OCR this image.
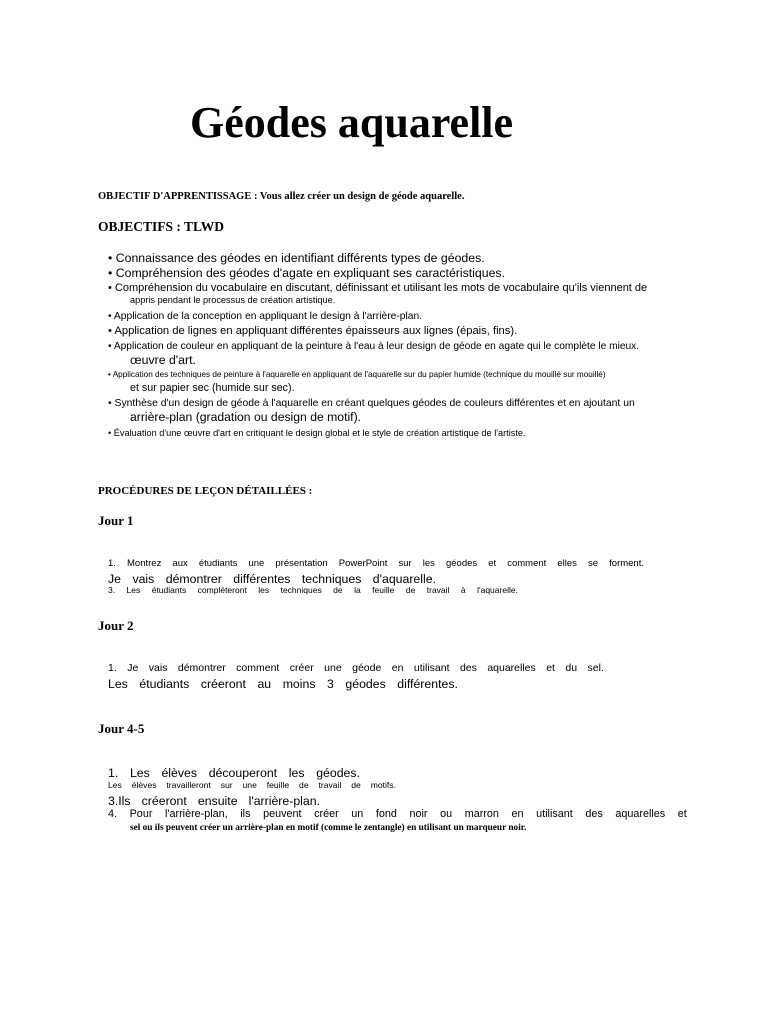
Géodes aquarelle
OBJECTIF D'APPRENTISSAGE : Vous allez créer un design de géode aquarelle.
OBJECTIFS : TLWD
• Connaissance des géodes en identifiant différents types de géodes.
• Compréhension des géodes d'agate en expliquant ses caractéristiques.
• Compréhension du vocabulaire en discutant, définissant et utilisant les mots de vocabulaire qu'ils viennent de
appris pendant le processus de création artistique.
• Application de la conception en appliquant le design à l'arrière-plan.
• Application de lignes en appliquant différentes épaisseurs aux lignes (épais, fins).
• Application de couleur en appliquant de la peinture à l'eau à leur design de géode en agate qui le complète le mieux.
œuvre d'art.
• Application des techniques de peinture à l'aquarelle en appliquant de l'aquarelle sur du papier humide (technique du mouillé sur mouillé)
et sur papier sec (humide sur sec).
• Synthèse d'un design de géode à l'aquarelle en créant quelques géodes de couleurs différentes et en ajoutant un
arrière-plan (gradation ou design de motif).
• Évaluation d'une œuvre d'art en critiquant le design global et le style de création artistique de l'artiste.
PROCÉDURES DE LEÇON DÉTAILLÉES :
Jour 1
1. Montrez aux étudiants une présentation PowerPoint sur les géodes et comment elles se forment.
Je vais démontrer différentes techniques d'aquarelle.
3. Les étudiants compléteront les techniques de la feuille de travail à l'aquarelle.
Jour 2
1. Je vais démontrer comment créer une géode en utilisant des aquarelles et du sel.
Les étudiants créeront au moins 3 géodes différentes.
Jour 4-5
1. Les élèves découperont les géodes.
Les élèves travailleront sur une feuille de travail de motifs.
3.Ils créeront ensuite l'arrière-plan.
4. Pour l'arrière-plan, ils peuvent créer un fond noir ou marron en utilisant des aquarelles et
sel ou ils peuvent créer un arrière-plan en motif (comme le zentangle) en utilisant un marqueur noir.
